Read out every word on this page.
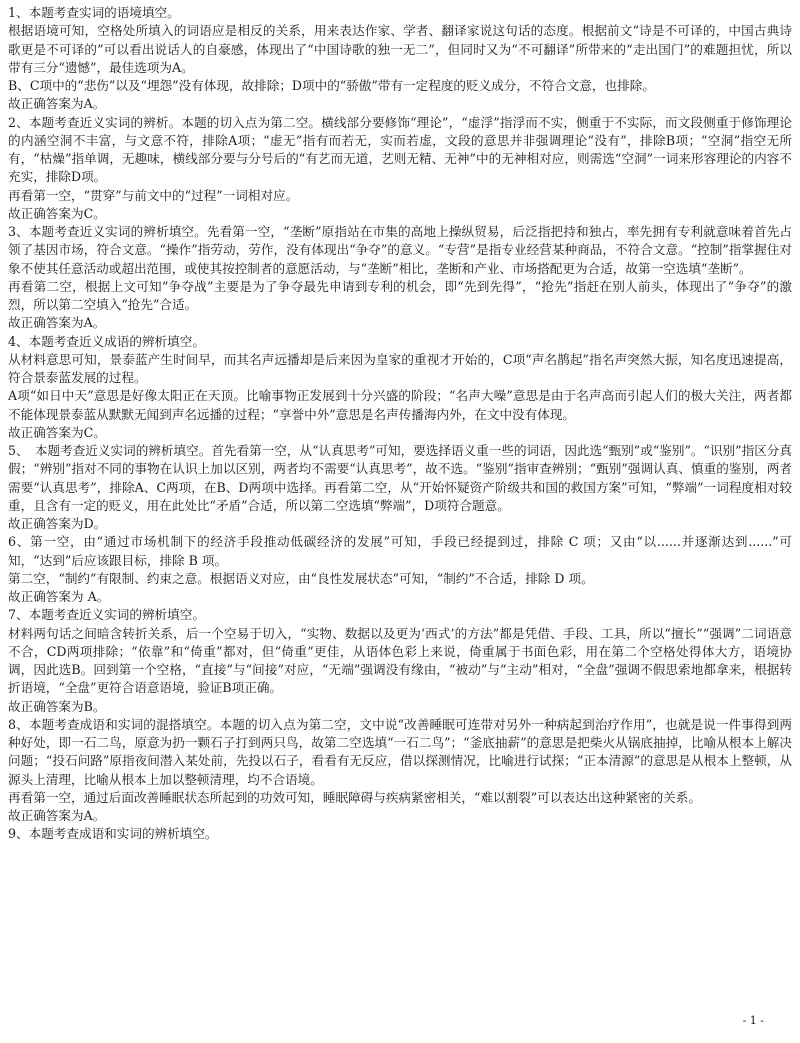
1、本题考查实词的语境填空。

根据语境可知，空格处所填入的词语应是相反的关系，用来表达作家、学者、翻译家说这句话的态度。根据前文“诗是不可译的，中国古典诗歌更是不可译的”可以看出说话人的自豪感，体现出了“中国诗歌的独一无二”，但同时又为“不可翻译”所带来的“走出国门”的难题担忧，所以带有三分“遗憾”，最佳选项为A。

B、C项中的“悲伤”以及“埋怨”没有体现，故排除；D项中的“骄傲”带有一定程度的贬义成分，不符合文意，也排除。

故正确答案为A。

2、本题考查近义实词的辨析。本题的切入点为第二空。横线部分要修饰“理论”，“虚浮”指浮而不实，侧重于不实际，而文段侧重于修饰理论的内涵空洞不丰富，与文意不符，排除A项；“虚无”指有而若无，实而若虚，文段的意思并非强调理论“没有”，排除B项；“空洞”指空无所有，“枯燥”指单调，无趣味，横线部分要与分号后的“有艺而无道，艺则无精、无神”中的无神相对应，则需选“空洞”一词来形容理论的内容不充实，排除D项。

再看第一空，“贯穿”与前文中的“过程”一词相对应。

故正确答案为C。

3、本题考查近义实词的辨析填空。先看第一空，“垄断”原指站在市集的高地上操纵贸易，后泛指把持和独占，率先拥有专利就意味着首先占领了基因市场，符合文意。“操作”指劳动，劳作，没有体现出“争夺”的意义。“专营”是指专业经营某种商品，不符合文意。“控制”指掌握住对象不使其任意活动或超出范围，或使其按控制者的意愿活动，与“垄断”相比，垄断和产业、市场搭配更为合适，故第一空选填“垄断”。

再看第二空，根据上文可知“争夺战”主要是为了争夺最先申请到专利的机会，即“先到先得”，“抢先”指赶在别人前头，体现出了“争夺”的激烈，所以第二空填入“抢先”合适。

故正确答案为A。

4、本题考查近义成语的辨析填空。

从材料意思可知，景泰蓝产生时间早，而其名声远播却是后来因为皇家的重视才开始的，C项“声名鹊起”指名声突然大振，知名度迅速提高，符合景泰蓝发展的过程。

A项“如日中天”意思是好像太阳正在天顶。比喻事物正发展到十分兴盛的阶段；“名声大噪”意思是由于名声高而引起人们的极大关注，两者都不能体现景泰蓝从默默无闻到声名远播的过程；“享誉中外”意思是名声传播海内外，在文中没有体现。

故正确答案为C。

5、　本题考查近义实词的辨析填空。首先看第一空，从“认真思考”可知，要选择语义重一些的词语，因此选“甄别”或“鉴别”。“识别”指区分真假；“辨别”指对不同的事物在认识上加以区别，两者均不需要“认真思考”，故不选。“鉴别”指审查辨别；“甄别”强调认真、慎重的鉴别，两者需要“认真思考”，排除A、C两项，在B、D两项中选择。再看第二空，从“开始怀疑资产阶级共和国的救国方案”可知，“弊端”一词程度相对较重，且含有一定的贬义，用在此处比“矛盾”合适，所以第二空选填“弊端”，D项符合题意。

故正确答案为D。

6、第一空，由“通过市场机制下的经济手段推动低碳经济的发展”可知，手段已经提到过，排除 C 项；又由“以......并逐渐达到......”可知，“达到”后应该跟目标，排除 B 项。

第二空，“制约”有限制、约束之意。根据语义对应，由“良性发展状态”可知，“制约”不合适，排除 D 项。

故正确答案为 A。

7、本题考查近义实词的辨析填空。

材料两句话之间暗含转折关系，后一个空易于切入，“实物、数据以及更为‘西式’的方法”都是凭借、手段、工具，所以“擅长”“强调”二词语意不合，CD两项排除；“依靠”和“倚重”都对，但“倚重”更佳，从语体色彩上来说，倚重属于书面色彩，用在第二个空格处得体大方，语境协调，因此选B。回到第一个空格，“直接”与“间接”对应，“无端”强调没有缘由，“被动”与“主动”相对，“全盘”强调不假思索地都拿来，根据转折语境，“全盘”更符合语意语境，验证B项正确。

故正确答案为B。

8、本题考查成语和实词的混搭填空。本题的切入点为第二空，文中说“改善睡眠可连带对另外一种病起到治疗作用”，也就是说一件事得到两种好处，即一石二鸟，原意为扔一颗石子打到两只鸟，故第二空选填“一石二鸟”；“釜底抽薪”的意思是把柴火从锅底抽掉，比喻从根本上解决问题；“投石问路”原指夜间潜入某处前，先投以石子，看看有无反应，借以探测情况，比喻进行试探；“正本清源”的意思是从根本上整顿，从源头上清理，比喻从根本上加以整顿清理，均不合语境。

再看第一空，通过后面改善睡眠状态所起到的功效可知，睡眠障碍与疾病紧密相关，“难以割裂”可以表达出这种紧密的关系。

故正确答案为A。

9、本题考查成语和实词的辨析填空。

- 1 -
